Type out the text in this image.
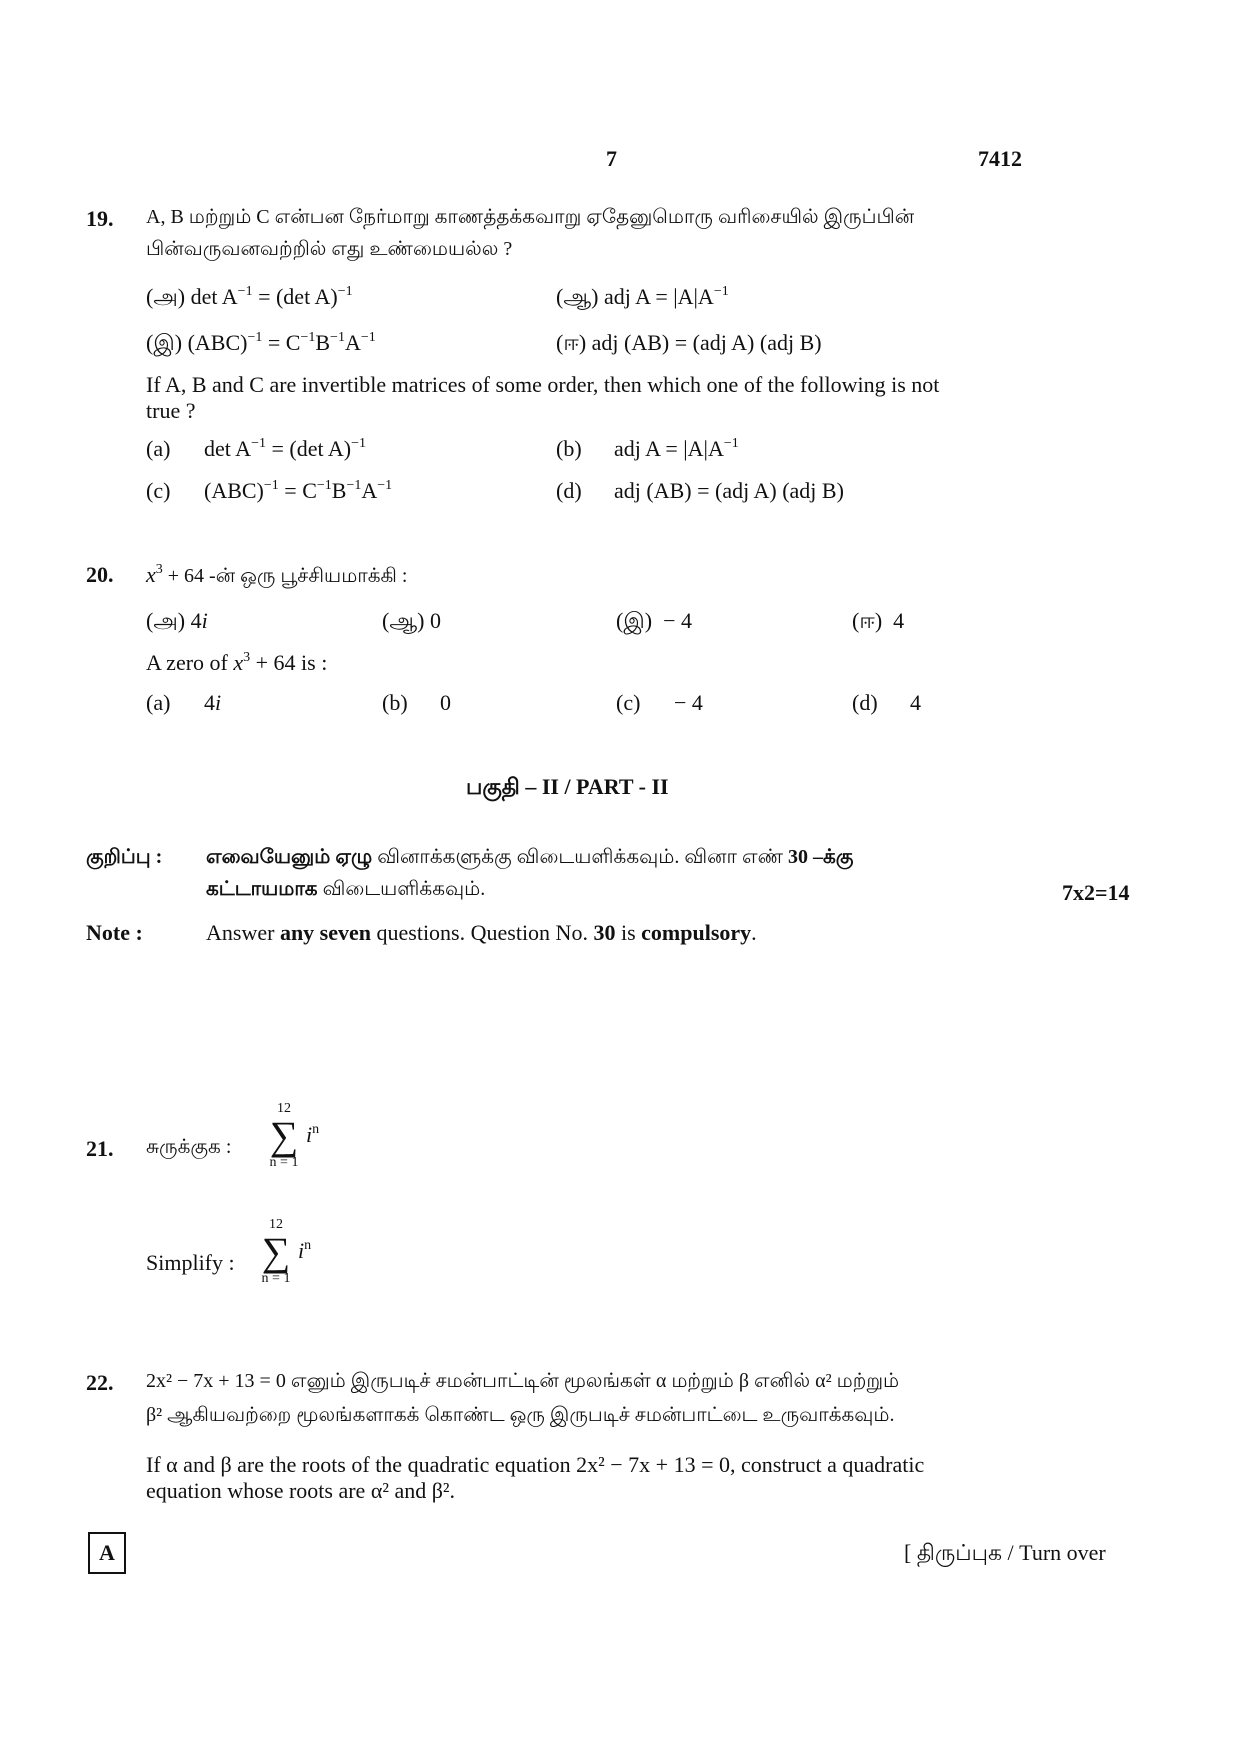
7	7412
19.	A, B மற்றும் C என்பன நேர்மாறு காணத்தக்கவாறு ஏதேனுமொரு வரிசையில் இருப்பின்
பின்வருவனவற்றில் எது உண்மையல்ல ?
(அ) $\det A^{-1} = (\det$ A)$^{-1}$	(ஆ) adj $A = |A|A^{-1}$
(இ) $(ABC)^{-1} = C^{-1}B^{-1}A^{-1}$	(ஈ) adj (AB) = (adj A) (adj B)
If A, B and C are invertible matrices of some order, then which one of the following is not
true ?
(a) $\det A^{-1} = (\det$ A)$^{-1}$	(b) adj $A = |A|A^{-1}$
(c) $(ABC)^{-1} = C^{-1}B^{-1}A^{-1}$	(d) adj (AB) = (adj A) (adj B)
20.	$x^3 + 64$ -ன் ஒரு பூச்சியமாக்கி :
(அ) 4i	(ஆ) 0	(இ) − 4	(ஈ) 4
A zero of $x^3 + 64$ is :
(a) 4i	(b) 0	(c) − 4	(d) 4
பகுதி – II / PART - II
குறிப்பு : எவையேனும் ஏழு வினாக்களுக்கு விடையளிக்கவும். வினா எண் 30 –க்கு
கட்டாயமாக விடையளிக்கவும்.	7x2=14
Note :	Answer any seven questions. Question No. 30 is compulsory.
21.	சுருக்குக :
12
∑
n = 1
$i^n$
Simplify :
12
∑
n = 1
$i^n$
22.	2x² − 7x + 13 = 0 எனும் இருபடிச் சமன்பாட்டின் மூலங்கள் α மற்றும் β எனில் α² மற்றும்
β² ஆகியவற்றை மூலங்களாகக் கொண்ட ஒரு இருபடிச் சமன்பாட்டை உருவாக்கவும்.
If α and β are the roots of the quadratic equation 2x² − 7x + 13 = 0, construct a quadratic
equation whose roots are α² and β².
A	[ திருப்புக / Turn over
